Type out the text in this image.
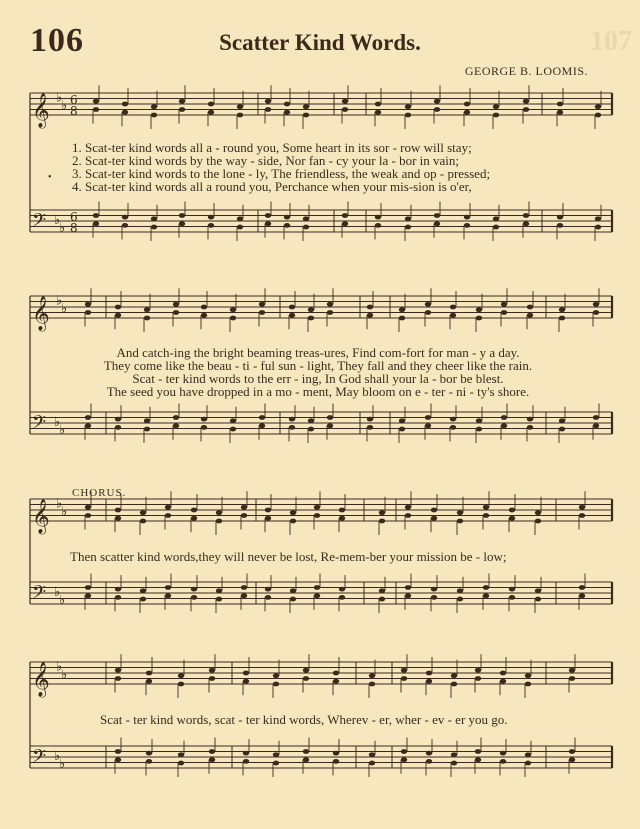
106	Scatter Kind Words.
GEORGE B. LOOMIS.
107
𝄞
𝄢
♭
♭
♭
♭
6
8
6
8
𝄞
𝄢
♭
♭
♭
♭
𝄞
𝄢
♭
♭
♭
♭
𝄞
𝄢
♭
♭
♭
♭
1. Scat-ter kind words all a - round you, Some heart in its sor - row will stay;
2. Scat-ter kind words by the way - side, Nor fan - cy your la - bor in vain;
3. Scat-ter kind words to the lone - ly, The friendless, the weak and op - pressed;
4. Scat-ter kind words all a round you, Perchance when your mis-sion is o'er,
•
And catch-ing the bright beaming treas-ures, Find com-fort for man - y a day.
They come like the beau - ti - ful sun - light, They fall and they cheer like the rain.
Scat - ter kind words to the err - ing, In God shall your la - bor be blest.
The seed you have dropped in a mo - ment, May bloom on e - ter - ni - ty's shore.
CHORUS.
Then scatter kind words,they will never be lost, Re-mem-ber your mission be - low;
Scat - ter kind words, scat - ter kind words, Wherev - er, wher - ev - er you go.
